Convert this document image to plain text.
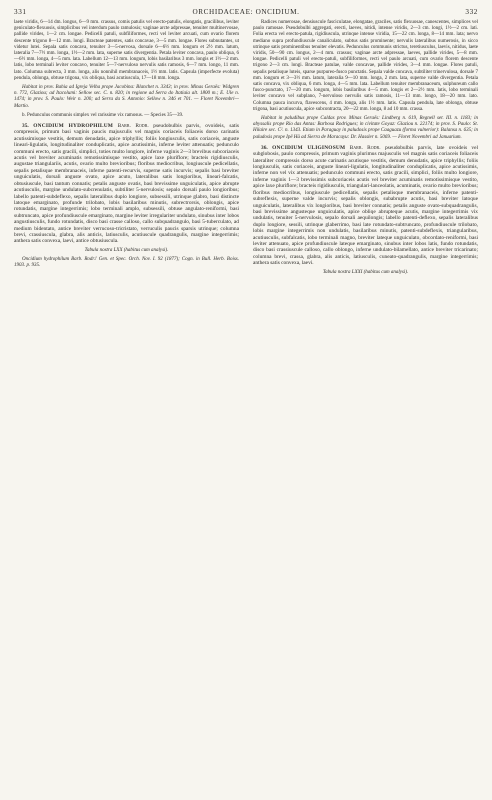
331	ORCHIDACEAE: ONCIDIUM.	332

laete viridis, 6—14 dm. longus, 6—9 mm. crassus, comis patulis vel erecto-patulis, elongatis, gracilibus, leviter geniculato-flexuosis, simplicibus vel interdum paulo ramulosis; vaginae arcte adpressae, tenuiter multinervosae, pallide virides, 1—2 cm. longae. Pedicelli patuli, subfiliformes, recti vel leviter arcuati, cum ovario florem descente trigono 8—12 mm. longi. Bracteae patentes, satis concavae, 3—5 mm. longae. Flores subnutantes, ut videtur lutei. Sepala satis concava, tenuiter 3—5-nervosa, dorsale 6—6½ mm. longum et 2½ mm. latum, lateralia 7—7½ mm. longa, 1½—2 mm. lata, superne satis divergentia. Petala leviter concava, paulo obliqua, 6—6½ mm. longa, 4—5 mm. lata. Labellum 12—13 mm. longum, lobis basilaribus 3 mm. longis et 1½—2 mm. latis, lobo terminali leviter concavo, tenuiter 5—7-nervuloso nervulis satis ramosis, 6—7 mm. longo, 11 mm. lato. Columna subrecta, 3 mm. longa, alis nonnihil membranaceis, 1½ mm. latis. Capsula (imperfecte evoluta) pendula, oblonga, obtuse trigona, vix obliqua, basi acutiuscula, 17—18 mm. longa.

Habitat in prov. Bahia ad Igreja Velha prope Jacobina: Blanchet n. 3343; in prov. Minas Geraës: Widgren n. 772, Glaziou; ad Itacolumi: Sellow sec. C. n. 820; in regione ad Serra do Itatiaia alt. 1800 m.; E. Ule n. 1474; in prov. S. Paulo: Weir n. 200; ad Serra da S. Antonio: Sellow n. 346 et 701. — Floret Novembri—Martio.

b. Pedunculus communis simplex vel rarissime vix ramosus. — Species 35—39.

35. ONCIDIUM HYDROPHILUM Barb. Rodr. pseudobulbis parvis, ovoideis, satis compressis, primum basi vaginis paucis majusculis vel magnis coriaceis foliaceis dorso carinatis acutissimisque vestitis, demum denudatis, apice triphyllis; foliis longiusculis, satis coriaceis, anguste lineari-ligulatis, longitudinaliter conduplicatis, apice acutissimis, inferne leviter attenuatis; pedunculo communi erecto, satis gracili, simplici, toties multo longiore, inferne vaginis 2—3 brevibus subcoriaceis acutis vel breviter acuminatis remotissimisque vestito, apice laxe pluriflore; bracteis rigidiusculis, augustae triangulariis, acutis, ovario multo brevioribus; floribus mediocribus, longiuscule pedicellatis, sepalis petalisque membranaceis, inferne patenti-recurvis, superne satis incurvis; sepalis basi breviter unguiculatis, dorsali anguste ovato, apice acuto, lateralibus satis longioribus, lineari-falcatis, obtusiuscule, basi tantum connatis; petalis anguste ovatis, basi brevissime unguiculatis, apice abrupte acutiusculis, margine undulato-subcrenulatis, subtiliter 5-nervulosis; sepalo dorsali paulo longioribus; labello patenti-subdeflexo, sepalis lateralibus duplo longiore, subsessili, utrinque glabro, basi distincte latoque emarginato, profunde trilobato, lobis basilaribus minutis, subrectrorsis, oblongis, apice rotundatis, margine integerrimis; lobo terminali amplo, subsessili, obtuse angulato-reniformi, basi subtruncato, apice profundiuscule emarginato, margine leviter irregulariter undulato, sinubus inter lobos angustiusculis, fundo rotundatis, disco basi crasse calloso, callo subquadrangulo, basi 5-tuberculato, ad medium bidentato, antice breviter verrucoso-tricristato, verruculis paucis sparsis utrinque; columna brevi, crassiuscula, glabra, alis anticis, latiusculis, acutiuscule quadrangulis, margine integerrimis; anthera satis convexa, laevi, antice obtusiuscula.

Tabula nostra LXX (habitus cum analysi).

Oncidium hydrophilum Barb. Rodr.! Gen. et Spec. Orch. Nov. I. 92 (1877); Cogn. in Bull. Herb. Boiss. 1903. p. 935.

Radices numerosae, densiuscule fasciculatae, elongatae, graciles, satis flexuosae, canescentes, simplices vel paulo ramosae. Pseudobulbi aggregati, erecti, laeves, nitidi, intense viridis, 2—3 cm. longi, 1½—2 cm. lati. Folia erecta vel erecto-patula, rigidiuscula, utrinque intense viridia, 15—22 cm. longa, 8—14 mm. lata; nervo mediano supra profundiuscule canaliculato, subtus satis prominente; nervulis lateralibus numerosis, in sicco utrinque satis prominentibus tenuiter elevatis. Pedunculus communis strictus, teretiusculus, laevis, nitidus, laete viridis, 50—90 cm. longus, 2—4 mm. crassus; vaginae arcte adpressae, laeves, pallide virides, 5—8 mm. longae. Pedicelli patuli vel erecto-patuli, subfiliformes, recti vel paulo arcuati, cum ovario florem descente trigono 2—3 cm. longi. Bracteae patulae, valde concavae, pallide virides, 3—4 mm. longae. Flores patuli, sepalis petalisque luteis, sparse purpureo-fusco punctatis. Sepala valde concava, subtiliter trinervulosa, dorsale 7 mm. longum et 3—3½ mm. latum, lateralia 9—10 mm. longa, 2 mm. lata, superne valde divergentia. Petala satis concava, vix obliqua, 6 mm. longa, 4—5 mm. lata. Labellum tenuiter membranaceum, sulphureum callo fusco-punctato, 17—20 mm. longum, lobis basilaribus 4—5 mm. longis et 2—2½ mm. latis, lobo terminali leviter concavo vel subplano, 7-nervuloso nervulis satis ramosis, 11—13 mm. longo, 18—20 mm. lato. Columna pauca incurva, flavescens, 4 mm. longa, alis 1½ mm. latis. Capsula pendula, late oblonga, obtuse trigona, basi acutiuscula, apice subcontracta, 20—22 mm. longa, 8 ad 10 mm. crassa.

Habitat in paludibus prope Caldas prov. Minas Geraës: Lindberg n. 619, Regnell ser. III. n. 1183; in abyssalis prope Rio das Antas: Barbosa Rodrigues; in civitate Goyaz: Glaziou n. 22174; in prov. S. Paulo: St. Hilaire sec. C². n. 1343. Etiam in Paraguay in paludosis prope Caaguazu (forma vulnerior): Balansa n. 635; in paludosis prope Ipê Hû ad Sierra de Maracayu: Dr. Hassler n. 5069. — Floret Novembri ad Januarium.

36. ONCIDIUM ULIGINOSUM Barb. Rodr. pseudobulbis parvis, late ovoideis vel subglobosis, paulo compressis, primum vaginis plurimus majusculis vel magnis satis coriaceis foliaceis lateraliter compressis dorso acute carinatis acutisque vestitis, demum denudatis, apice triphyllis; foliis longiusculis, satis coriaceis, anguste lineari-ligulatis, longitudinaliter conduplicatis, apice acutissimis, inferne non vel vix attenuatis; pedunculo communi erecto, satis gracili, simplici, foliis multo longiore, inferne vaginis 1—3 brevissimis subcoriaceis acutis vel breviter acuminatis remotissimisque vestito, apice laxe pluriflore; bracteis rigidiusculis, triangulari-lanceolatis, acuminatis, ovario multo brevioribus; floribus mediocribus, longiuscule pedicellatis, sepalis petalisque membranaceis, inferne patenti-subreflexis, superne valde incurvis; sepalis oblongis, subabrupte acutis, basi breviter latoque unguiculatis, lateralibus vix longioribus, basi breviter connatis; petalis anguste ovato-subquadrangulis, basi brevissime angusteque unguiculatis, apice obliqe abrupteque acutis, margine integerrimis vix undulatis, tenuiter 5-nervulosis, sepalo dorsali aequilongis; labello patenti-deflexo, sepalis lateralibus duplo longiore, sessili, utrinque glaberrimo, basi late rotundato-subtruncato, profundiuscule trilobato, lobis margine integerrimis non undulatis, basilaribus minutis, patenti-subdeflexis, triangularibus, acutiusculis, subfalcatis, lobo terminali magno, breviter lateque unguiculato, obcordato-reniformi, basi leviter attenuato, apice profundiuscule lateque emarginato, sinubus inter lobos latis, fundo rotundatis, disco basi crassiuscule calloso, callo oblongo, inferne undulato-bilamellato, antice breviter tricarinato; columna brevi, crassa, glabra, alis anticis, latiusculis, cuneato-quadrangulis, margine integerrimis; anthera satis convexa, laevi.

Tabula nostra LXXI (habitus cum analysi).
